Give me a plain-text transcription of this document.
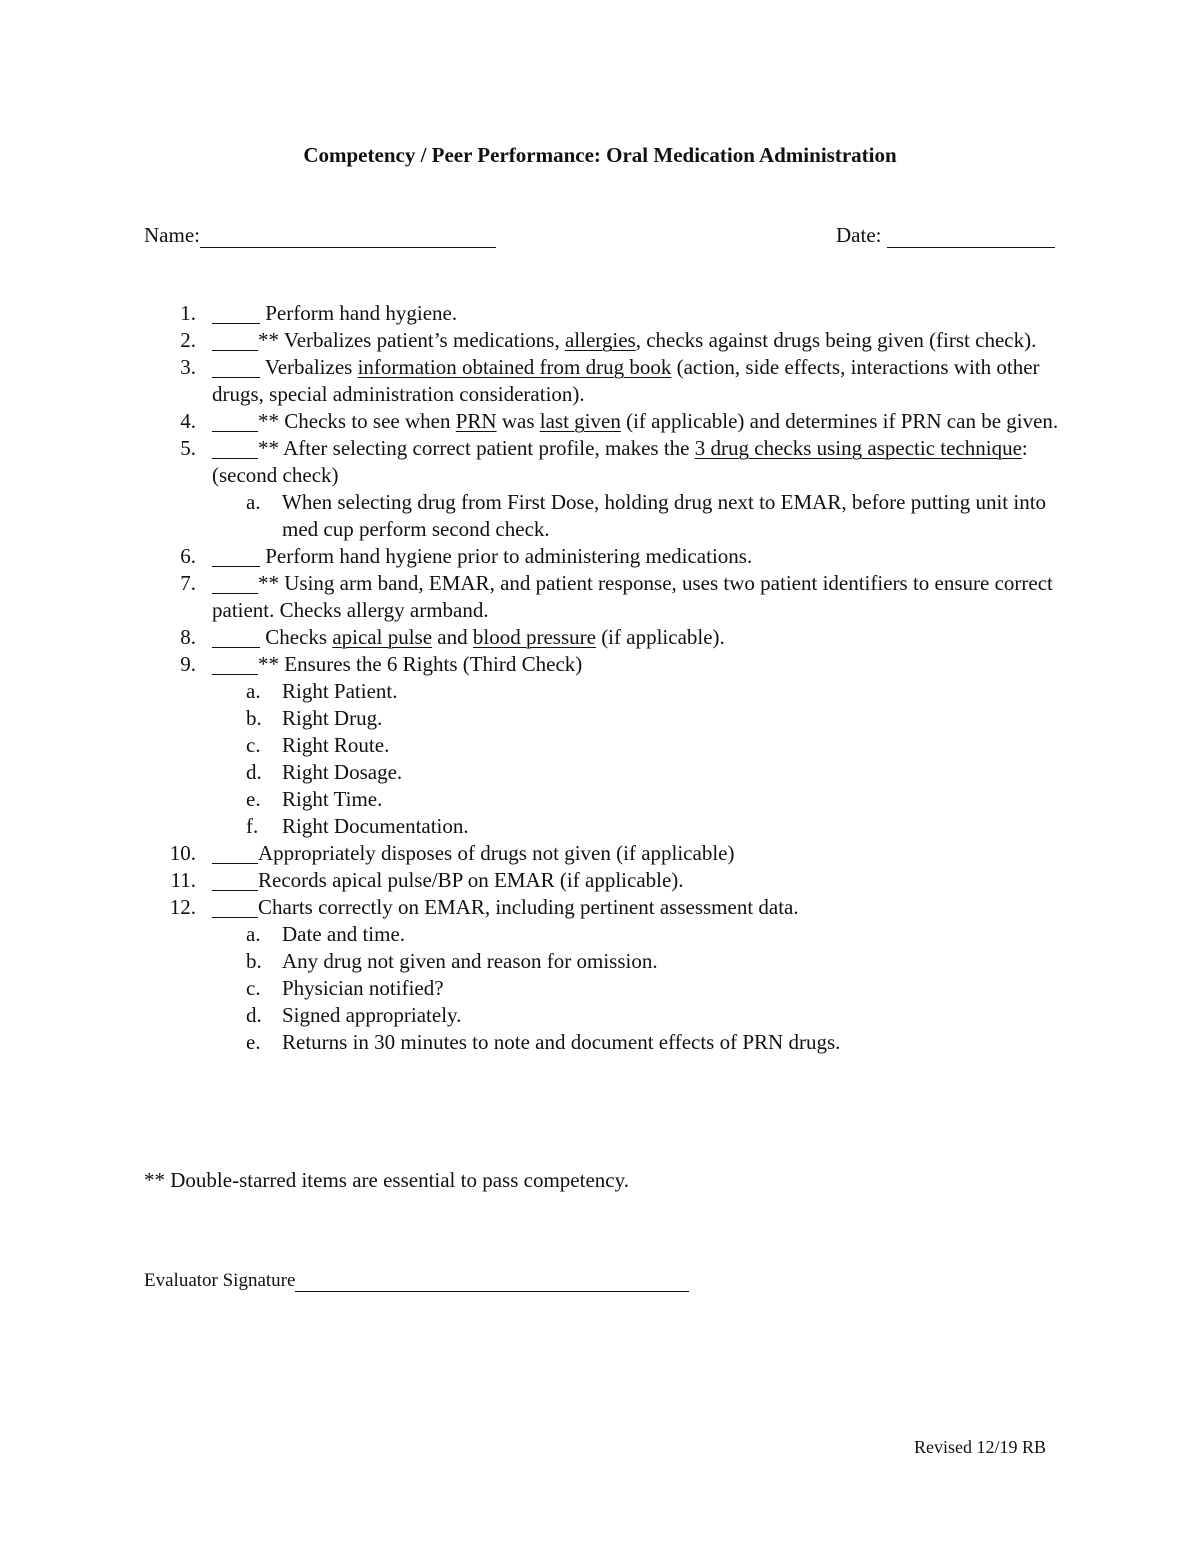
Competency / Peer Performance: Oral Medication Administration
Name:	Date:
1.	Perform hand hygiene.
2.	** Verbalizes patient’s medications, allergies, checks against drugs being given (first check).
3.	Verbalizes information obtained from drug book (action, side effects, interactions with other drugs, special administration consideration).
4.	** Checks to see when PRN was last given (if applicable) and determines if PRN can be given.
5.	** After selecting correct patient profile, makes the 3 drug checks using aspectic technique: (second check)
a. When selecting drug from First Dose, holding drug next to EMAR, before putting unit into med cup perform second check.
6.	Perform hand hygiene prior to administering medications.
7.	** Using arm band, EMAR, and patient response, uses two patient identifiers to ensure correct patient. Checks allergy armband.
8.	Checks apical pulse and blood pressure (if applicable).
9.	** Ensures the 6 Rights (Third Check)
a. Right Patient.
b. Right Drug.
c. Right Route.
d. Right Dosage.
e. Right Time.
f. Right Documentation.
10.	Appropriately disposes of drugs not given (if applicable)
11.	Records apical pulse/BP on EMAR (if applicable).
12.	Charts correctly on EMAR, including pertinent assessment data.
a. Date and time.
b. Any drug not given and reason for omission.
c. Physician notified?
d. Signed appropriately.
e. Returns in 30 minutes to note and document effects of PRN drugs.
** Double-starred items are essential to pass competency.
Evaluator Signature
Revised 12/19 RB
